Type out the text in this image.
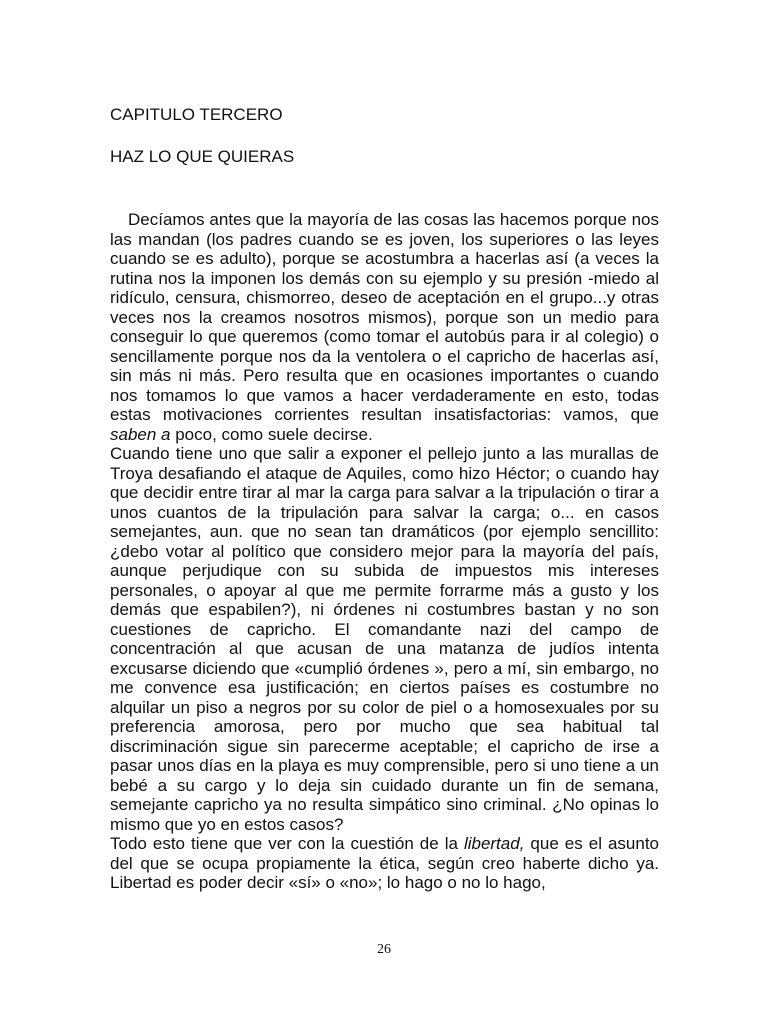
CAPITULO TERCERO
HAZ LO QUE QUIERAS

Decíamos antes que la mayoría de las cosas las hacemos porque nos las mandan (los padres cuando se es joven, los superiores o las leyes cuando se es adulto), porque se acostumbra a hacerlas así (a veces la rutina nos la imponen los demás con su ejemplo y su presión -miedo al ridículo, censura, chismorreo, deseo de aceptación en el grupo...y otras veces nos la creamos nosotros mismos), porque son un medio para conseguir lo que queremos (como tomar el autobús para ir al colegio) o sencillamente porque nos da la ventolera o el capricho de hacerlas así, sin más ni más. Pero resulta que en ocasiones importantes o cuando nos tomamos lo que vamos a hacer verdaderamente en esto, todas estas motivaciones corrientes resultan insatisfactorias: vamos, que saben a poco, como suele decirse.

Cuando tiene uno que salir a exponer el pellejo junto a las murallas de Troya desafiando el ataque de Aquiles, como hizo Héctor; o cuando hay que decidir entre tirar al mar la carga para salvar a la tripulación o tirar a unos cuantos de la tripulación para salvar la carga; o... en casos semejantes, aun. que no sean tan dramáticos (por ejemplo sencillito: ¿debo votar al político que considero mejor para la mayoría del país, aunque perjudique con su subida de impuestos mis intereses personales, o apoyar al que me permite forrarme más a gusto y los demás que espabilen?), ni órdenes ni costumbres bastan y no son cuestiones de capricho. El comandante nazi del campo de concentración al que acusan de una matanza de judíos intenta excusarse diciendo que «cumplió órdenes », pero a mí, sin embargo, no me convence esa justificación; en ciertos países es costumbre no alquilar un piso a negros por su color de piel o a homosexuales por su preferencia amorosa, pero por mucho que sea habitual tal discriminación sigue sin parecerme aceptable; el capricho de irse a pasar unos días en la playa es muy comprensible, pero si uno tiene a un bebé a su cargo y lo deja sin cuidado durante un fin de semana, semejante capricho ya no resulta simpático sino criminal. ¿No opinas lo mismo que yo en estos casos?

Todo esto tiene que ver con la cuestión de la libertad, que es el asunto del que se ocupa propiamente la ética, según creo haberte dicho ya. Libertad es poder decir «sí» o «no»; lo hago o no lo hago,

26
